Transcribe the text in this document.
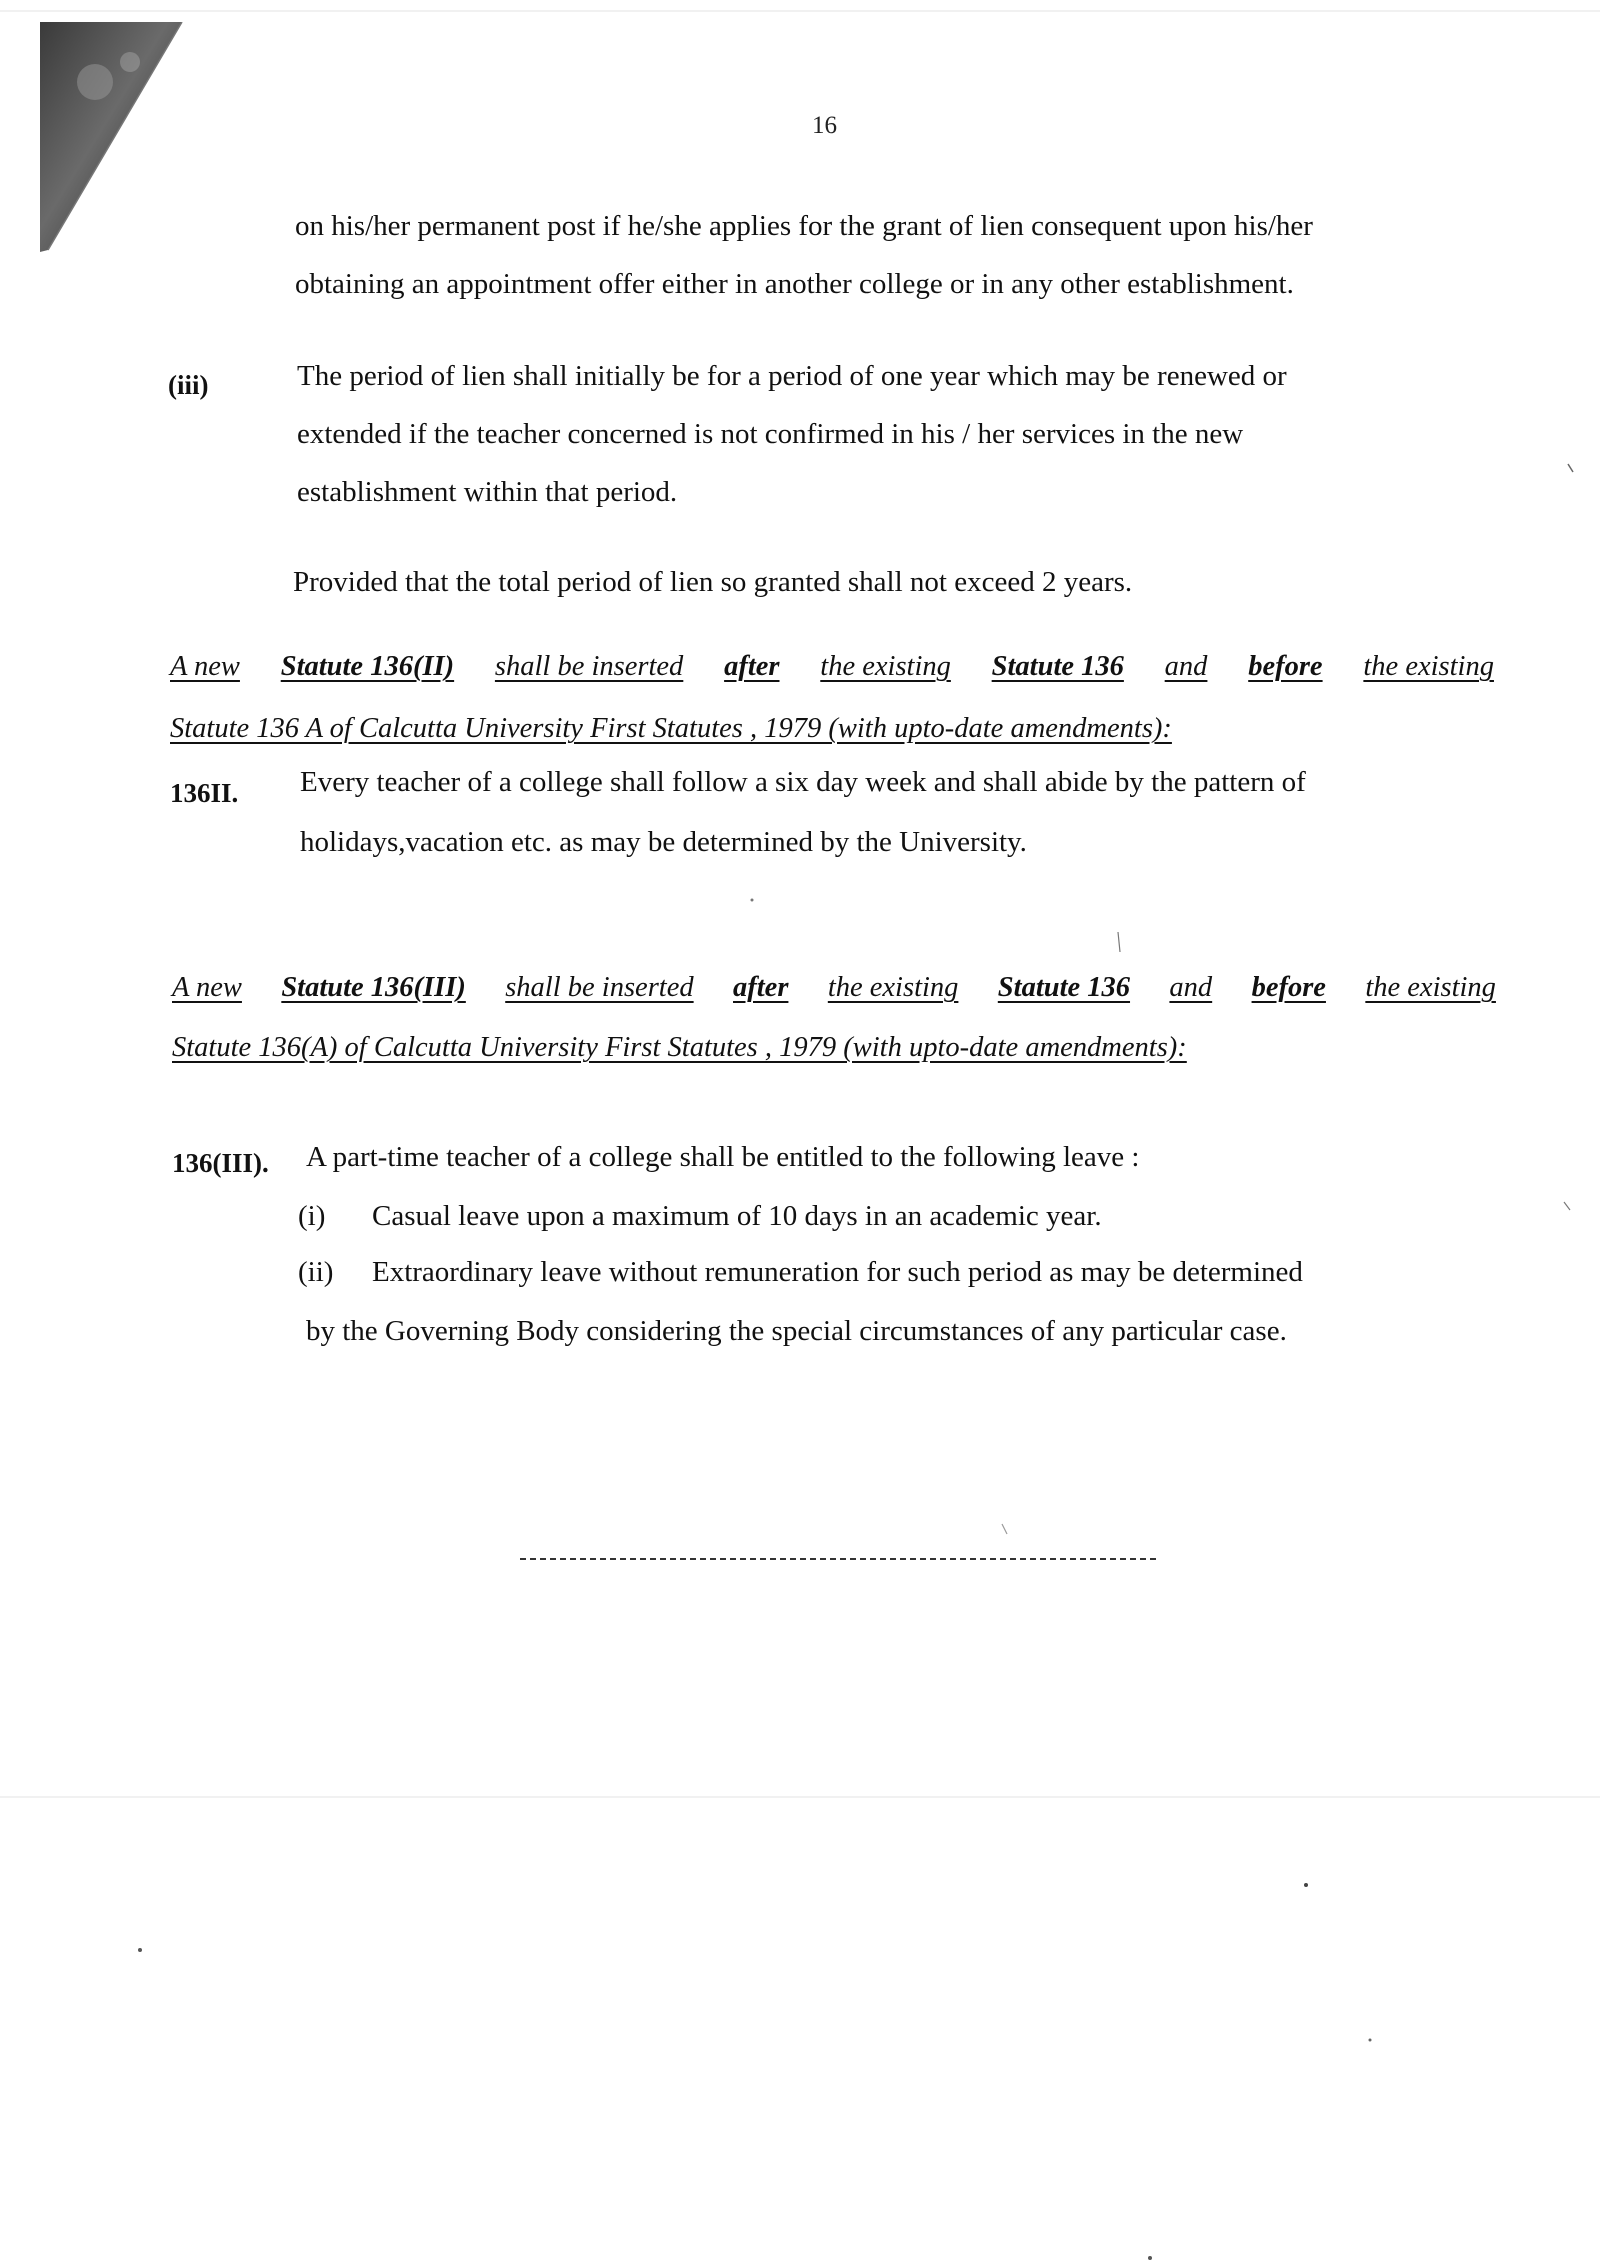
16
on his/her permanent post if he/she applies for the grant of lien consequent upon his/her
obtaining an appointment offer either in another college or in any other establishment.
(iii)	The period of lien shall initially be for a period of one year which may be renewed or
extended if the teacher concerned is not confirmed in his / her services in the new
establishment within that period.
Provided that the total period of lien so granted shall not exceed 2 years.
A new Statute 136(II) shall be inserted after the existing Statute 136 and before the existing
Statute 136 A of Calcutta University First Statutes , 1979 (with upto-date amendments):
136II. Every teacher of a college shall follow a six day week and shall abide by the pattern of
holidays,vacation etc. as may be determined by the University.
A new Statute 136(III) shall be inserted after the existing Statute 136 and before the existing
Statute 136(A) of Calcutta University First Statutes , 1979 (with upto-date amendments):
136(III). A part-time teacher of a college shall be entitled to the following leave :
(i) Casual leave upon a maximum of 10 days in an academic year.
(ii) Extraordinary leave without remuneration for such period as may be determined
by the Governing Body considering the special circumstances of any particular case.
